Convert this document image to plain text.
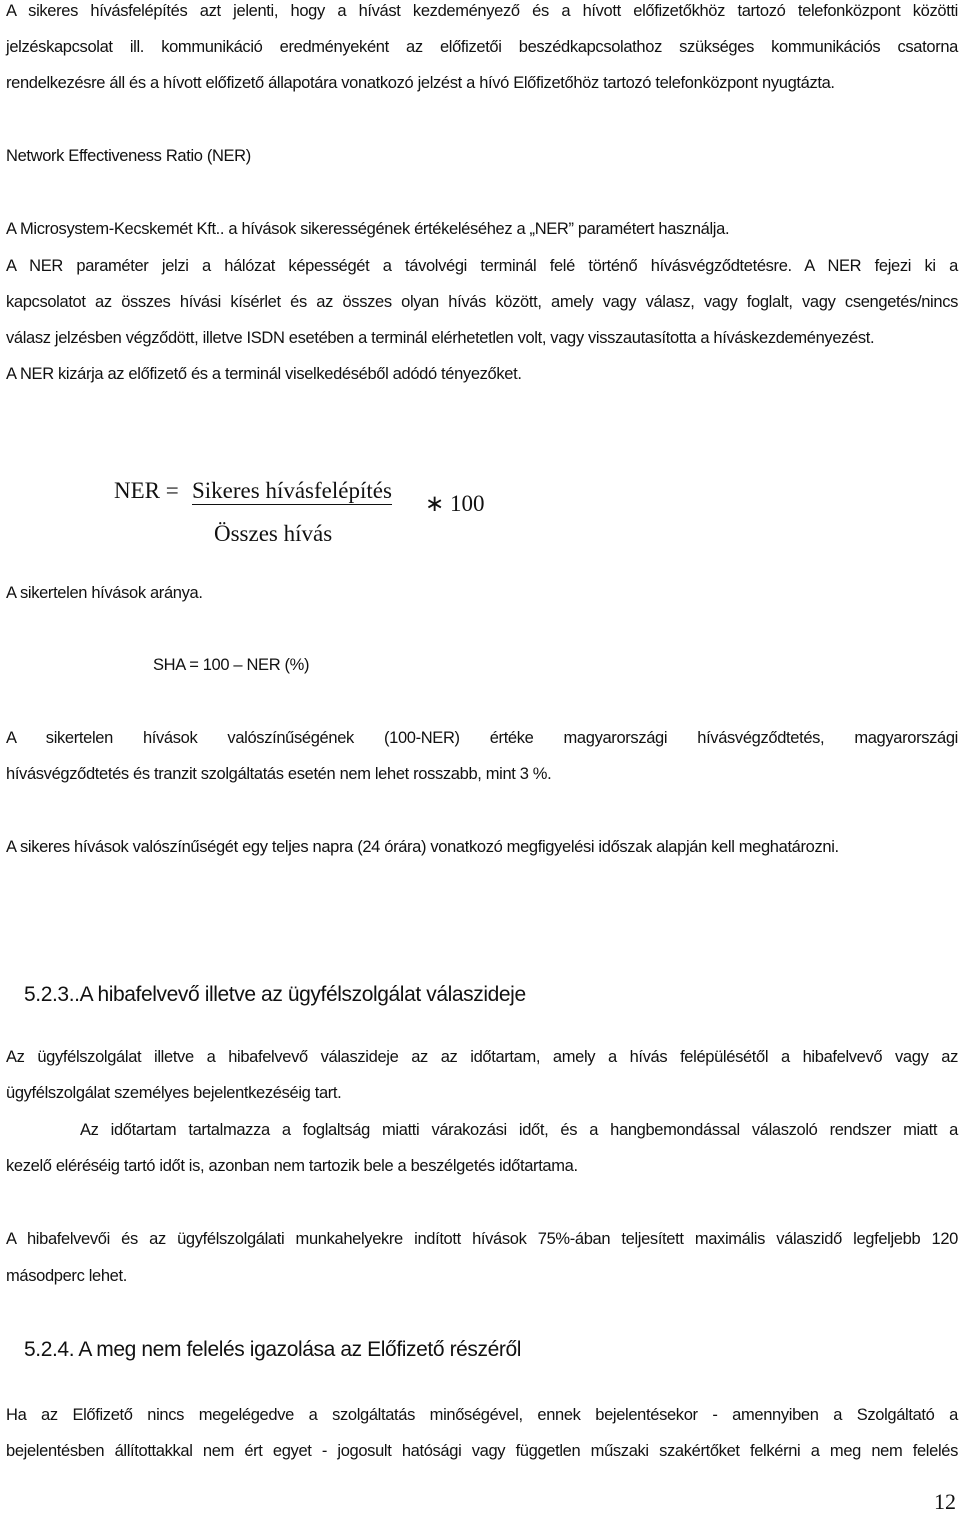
A sikeres hívásfelépítés azt jelenti, hogy a hívást kezdeményező és a hívott előfizetőkhöz tartozó telefonközpont közötti
jelzéskapcsolat ill. kommunikáció eredményeként az előfizetői beszédkapcsolathoz szükséges kommunikációs csatorna
rendelkezésre áll és a hívott előfizető állapotára vonatkozó jelzést a hívó Előfizetőhöz tartozó telefonközpont nyugtázta.
Network Effectiveness Ratio (NER)
A Microsystem-Kecskemét Kft.. a hívások sikerességének értékeléséhez a „NER” paramétert használja.
A NER paraméter jelzi a hálózat képességét a távolvégi terminál felé történő hívásvégződtetésre. A NER fejezi ki a
kapcsolatot az összes hívási kísérlet és az összes olyan hívás között, amely vagy válasz, vagy foglalt, vagy csengetés/nincs
válasz jelzésben végződött, illetve ISDN esetében a terminál elérhetetlen volt, vagy visszautasította a híváskezdeményezést.
A NER kizárja az előfizető és a terminál viselkedéséből adódó tényezőket.
NER = Sikeres hívásfelépítés
Összes hívás
∗ 100
A sikertelen hívások aránya.
SHA = 100 – NER (%)
A sikertelen hívások valószínűségének (100-NER) értéke magyarországi hívásvégződtetés, magyarországi
hívásvégződtetés és tranzit szolgáltatás esetén nem lehet rosszabb, mint 3 %.
A sikeres hívások valószínűségét egy teljes napra (24 órára) vonatkozó megfigyelési időszak alapján kell meghatározni.
5.2.3..A hibafelvevő illetve az ügyfélszolgálat válaszideje
Az ügyfélszolgálat illetve a hibafelvevő válaszideje az az időtartam, amely a hívás felépülésétől a hibafelvevő vagy az
ügyfélszolgálat személyes bejelentkezéséig tart.
Az időtartam tartalmazza a foglaltság miatti várakozási időt, és a hangbemondással válaszoló rendszer miatt a
kezelő eléréséig tartó időt is, azonban nem tartozik bele a beszélgetés időtartama.
A hibafelvevői és az ügyfélszolgálati munkahelyekre indított hívások 75%-ában teljesített maximális válaszidő legfeljebb 120
másodperc lehet.
5.2.4. A meg nem felelés igazolása az Előfizető részéről
Ha az Előfizető nincs megelégedve a szolgáltatás minőségével, ennek bejelentésekor - amennyiben a Szolgáltató a
bejelentésben állítottakkal nem ért egyet - jogosult hatósági vagy független műszaki szakértőket felkérni a meg nem felelés
12
